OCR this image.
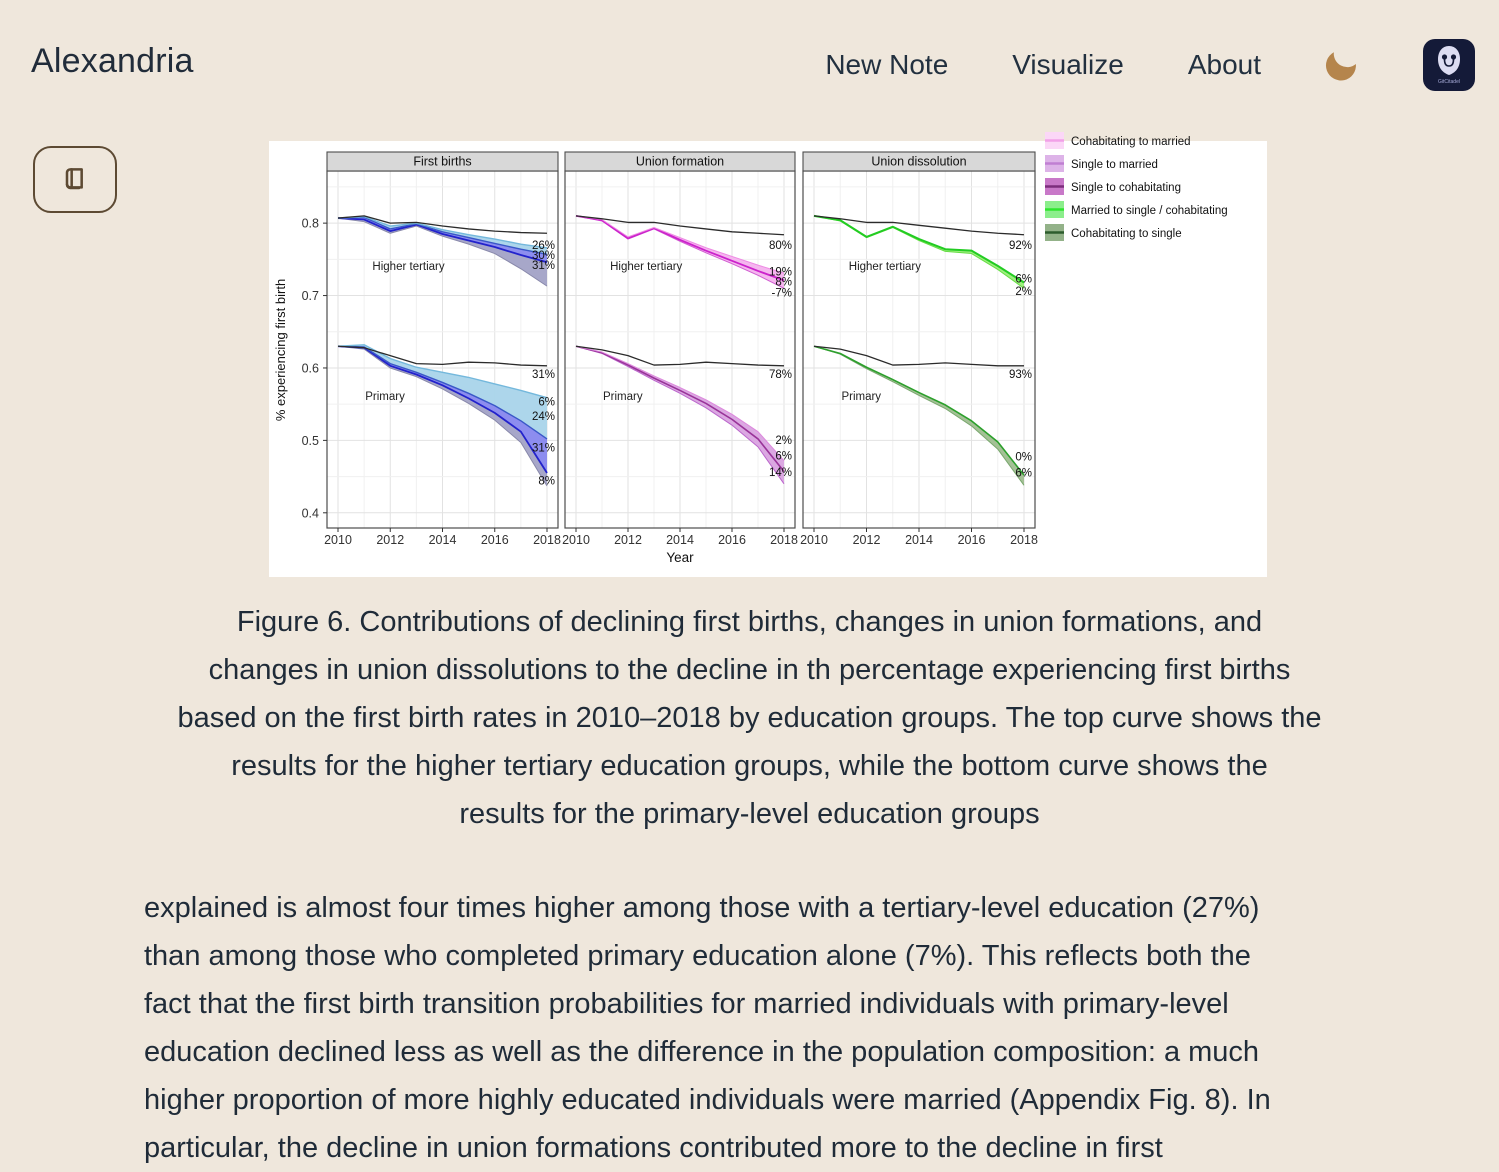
Alexandria	New Note Visualize About
GitCitadel
26%
30%
31%
Higher tertiary
31%
6%
24%
31%
8%
Primary
First births
2010 2012 2014 2016 2018
80%
19%
8%
-7%
Higher tertiary
78%
2%
6%
14%
Primary
Union formation
2010 2012 2014 2016 2018
92%
6%
2%
Higher tertiary
93%
0%
6%
Primary
Union dissolution
2010 2012 2014 2016 2018
0.4
0.5
0.6
0.7
0.8
% experiencing first birth
Year
Cohabitating to married
Single to married
Single to cohabitating
Married to single / cohabitating
Cohabitating to single
Figure 6. Contributions of declining first births, changes in union formations, and
changes in union dissolutions to the decline in th percentage experiencing first births
based on the first birth rates in 2010–2018 by education groups. The top curve shows the
results for the higher tertiary education groups, while the bottom curve shows the
results for the primary-level education groups
explained is almost four times higher among those with a tertiary-level education (27%)
than among those who completed primary education alone (7%). This reflects both the
fact that the first birth transition probabilities for married individuals with primary-level
education declined less as well as the difference in the population composition: a much
higher proportion of more highly educated individuals were married (Appendix Fig. 8). In
particular, the decline in union formations contributed more to the decline in first
